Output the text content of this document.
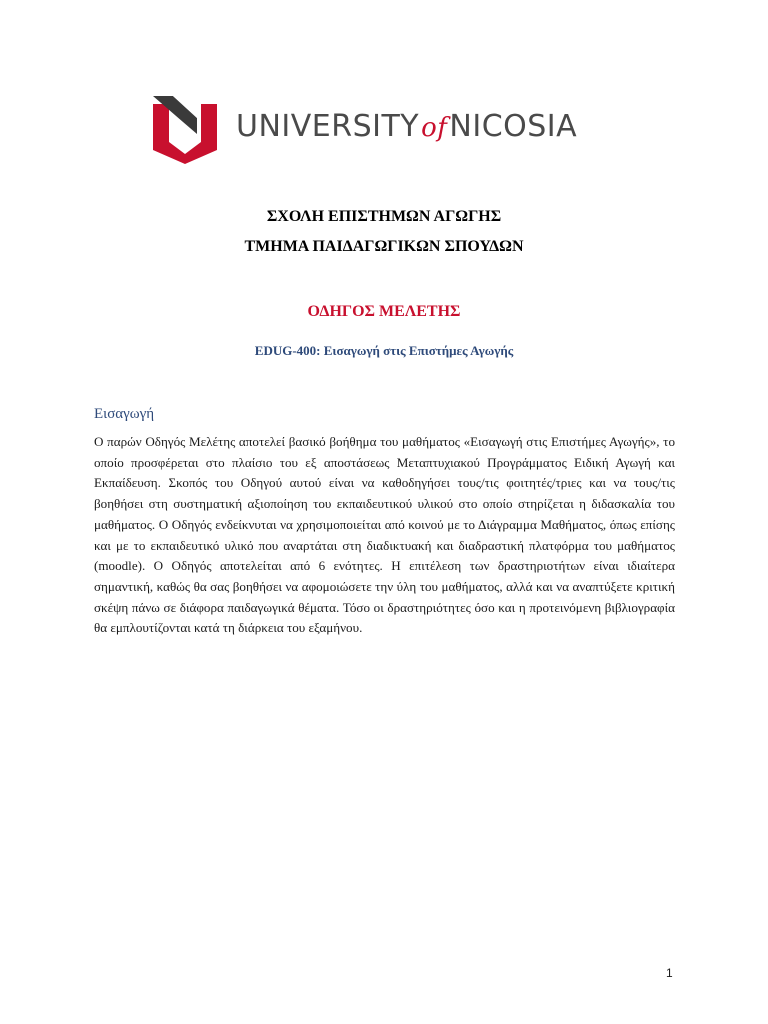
UNIVERSITYofNICOSIA
ΣΧΟΛΗ ΕΠΙΣΤΗΜΩΝ ΑΓΩΓΗΣ
ΤΜΗΜΑ ΠΑΙΔΑΓΩΓΙΚΩΝ ΣΠΟΥΔΩΝ
ΟΔΗΓΟΣ ΜΕΛΕΤΗΣ
EDUG-400: Εισαγωγή στις Επιστήμες Αγωγής
Εισαγωγή

Ο παρών Οδηγός Μελέτης αποτελεί βασικό βοήθημα του μαθήματος «Εισαγωγή στις Επιστήμες Αγωγής», το οποίο προσφέρεται στο πλαίσιο του εξ αποστάσεως Μεταπτυχιακού Προγράμματος Ειδική Αγωγή και Εκπαίδευση. Σκοπός του Οδηγού αυτού είναι να καθοδηγήσει τους/τις φοιτητές/τριες και να τους/τις βοηθήσει στη συστηματική αξιοποίηση του εκπαιδευτικού υλικού στο οποίο στηρίζεται η διδασκαλία του μαθήματος. Ο Οδηγός ενδείκνυται να χρησιμοποιείται από κοινού με το Διάγραμμα Μαθήματος, όπως επίσης και με το εκπαιδευτικό υλικό που αναρτάται στη διαδικτυακή και διαδραστική πλατφόρμα του μαθήματος (moodle). Ο Οδηγός αποτελείται από 6 ενότητες. Η επιτέλεση των δραστηριοτήτων είναι ιδιαίτερα σημαντική, καθώς θα σας βοηθήσει να αφομοιώσετε την ύλη του μαθήματος, αλλά και να αναπτύξετε κριτική σκέψη πάνω σε διάφορα παιδαγωγικά θέματα. Τόσο οι δραστηριότητες όσο και η προτεινόμενη βιβλιογραφία θα εμπλουτίζονται κατά τη διάρκεια του εξαμήνου.

1
